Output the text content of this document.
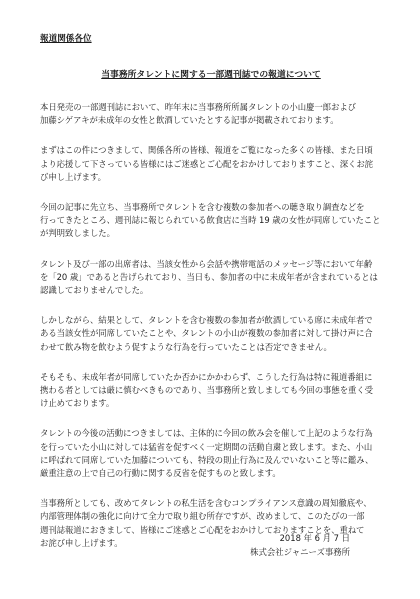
報道関係各位
当事務所タレントに関する一部週刊誌での報道について
本日発売の一部週刊誌において、昨年末に当事務所所属タレントの小山慶一郎および
加藤シゲアキが未成年の女性と飲酒していたとする記事が掲載されております。
まずはこの件につきまして、関係各所の皆様、報道をご覧になった多くの皆様、また日頃
より応援して下さっている皆様にはご迷惑とご心配をおかけしておりますこと、深くお詫
び申し上げます。
今回の記事に先立ち、当事務所でタレントを含む複数の参加者への聴き取り調査などを
行ってきたところ、週刊誌に報じられている飲食店に当時 19 歳の女性が同席していたこと
が判明致しました。
タレント及び一部の出席者は、当該女性から会話や携帯電話のメッセージ等において年齢
を「20 歳」であると告げられており、当日も、参加者の中に未成年者が含まれているとは
認識しておりませんでした。
しかしながら、結果として、タレントを含む複数の参加者が飲酒している席に未成年者で
ある当該女性が同席していたことや、タレントの小山が複数の参加者に対して掛け声に合
わせて飲み物を飲むよう促すような行為を行っていたことは否定できません。
そもそも、未成年者が同席していたか否かにかかわらず、こうした行為は特に報道番組に
携わる者としては厳に慎むべきものであり、当事務所と致しましても今回の事態を重く受
け止めております。
タレントの今後の活動につきましては、主体的に今回の飲み会を催して上記のような行為
を行っていた小山に対しては猛省を促すべく一定期間の活動自粛と致します。また、小山
に呼ばれて同席していた加藤についても、特段の則止行為に及んでいないこと等に鑑み、
厳重注意の上で自己の行動に関する反省を促すものと致します。
当事務所としても、改めてタレントの私生活を含むコンプライアンス意識の周知徹底や、
内部管理体制の強化に向けて全力で取り組む所存ですが、改めまして、このたびの一部
週刊誌報道におきまして、皆様にご迷惑とご心配をおかけしておりますことを、重ねて
お詫び申し上げます。	2018 年 6 月 7 日
株式会社ジャニーズ事務所
